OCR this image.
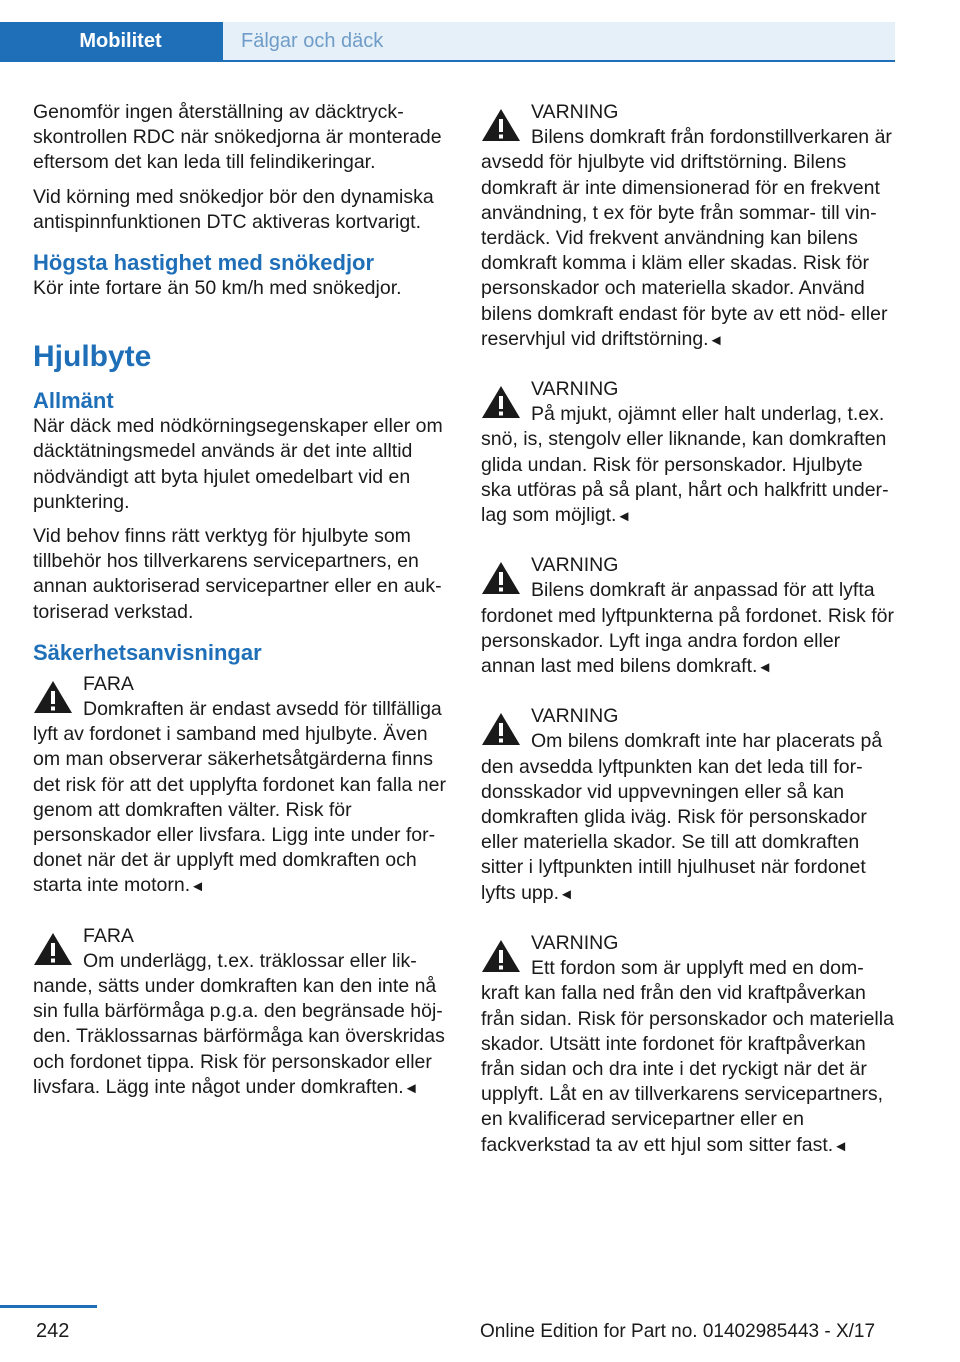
Mobilitet	Fälgar och däck

Genomför ingen återställning av däcktryckskontrollen RDC när snökedjorna är monterade eftersom det kan leda till felindikeringar.

Vid körning med snökedjor bör den dynamiska antispinnfunktionen DTC aktiveras kortvarigt.

Högsta hastighet med snökedjor

Kör inte fortare än 50 km/h med snökedjor.

Hjulbyte
Allmänt

När däck med nödkörningsegenskaper eller om däcktätningsmedel används är det inte alltid nödvändigt att byta hjulet omedelbart vid en punktering.

Vid behov finns rätt verktyg för hjulbyte som tillbehör hos tillverkarens servicepartners, en annan auktoriserad servicepartner eller en auktoriserad verkstad.

Säkerhetsanvisningar
FARA
Domkraften är endast avsedd för tillfälliga lyft av fordonet i samband med hjulbyte. Även om man observerar säkerhetsåtgärderna finns det risk för att det upplyfta fordonet kan falla ner genom att domkraften välter. Risk för personskador eller livsfara. Ligg inte under fordonet när det är upplyft med domkraften och starta inte motorn.◄
FARA
Om underlägg, t.ex. träklossar eller liknande, sätts under domkraften kan den inte nå sin fulla bärförmåga p.g.a. den begränsade höjden. Träklossarnas bärförmåga kan överskridas och fordonet tippa. Risk för personskador eller livsfara. Lägg inte något under domkraften.◄
VARNING
Bilens domkraft från fordonstillverkaren är avsedd för hjulbyte vid driftstörning. Bilens domkraft är inte dimensionerad för en frekvent användning, t ex för byte från sommar- till vinterdäck. Vid frekvent användning kan bilens domkraft komma i kläm eller skadas. Risk för personskador och materiella skador. Använd bilens domkraft endast för byte av ett nöd- eller reservhjul vid driftstörning.◄
VARNING
På mjukt, ojämnt eller halt underlag, t.ex. snö, is, stengolv eller liknande, kan domkraften glida undan. Risk för personskador. Hjulbyte ska utföras på så plant, hårt och halkfritt underlag som möjligt.◄
VARNING
Bilens domkraft är anpassad för att lyfta fordonet med lyftpunkterna på fordonet. Risk för personskador. Lyft inga andra fordon eller annan last med bilens domkraft.◄
VARNING
Om bilens domkraft inte har placerats på den avsedda lyftpunkten kan det leda till fordonsskador vid uppvevningen eller så kan domkraften glida iväg. Risk för personskador eller materiella skador. Se till att domkraften sitter i lyftpunkten intill hjulhuset när fordonet lyfts upp.◄
VARNING
Ett fordon som är upplyft med en domkraft kan falla ned från den vid kraftpåverkan från sidan. Risk för personskador och materiella skador. Utsätt inte fordonet för kraftpåverkan från sidan och dra inte i det ryckigt när det är upplyft. Låt en av tillverkarens servicepartners, en kvalificerad servicepartner eller en fackverkstad ta av ett hjul som sitter fast.◄
242	Online Edition for Part no. 01402985443 - X/17
